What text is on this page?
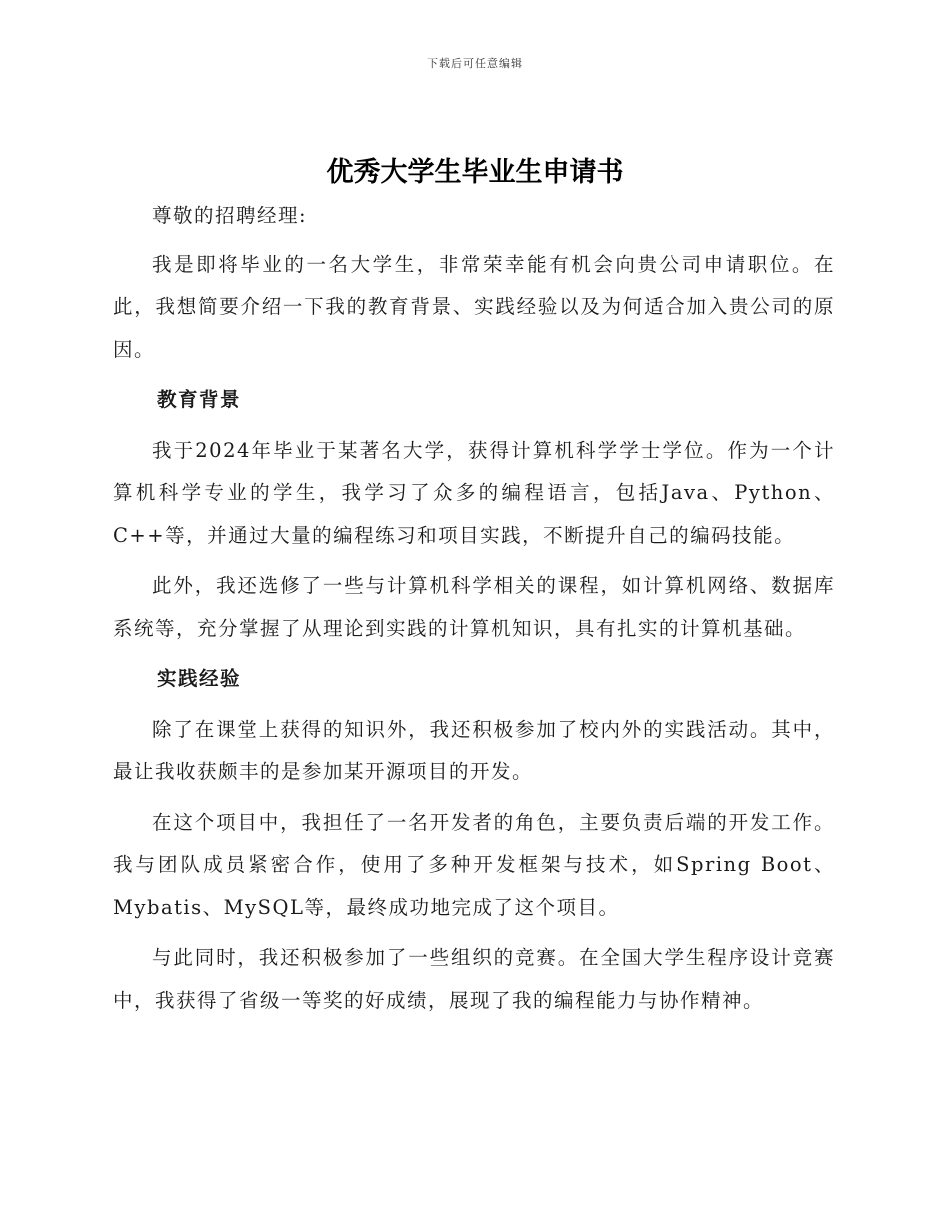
下载后可任意编辑
优秀大学生毕业生申请书

尊敬的招聘经理:

我是即将毕业的一名大学生，非常荣幸能有机会向贵公司申请职位。在此，我想简要介绍一下我的教育背景、实践经验以及为何适合加入贵公司的原因。

教育背景

我于2024年毕业于某著名大学，获得计算机科学学士学位。作为一个计算机科学专业的学生，我学习了众多的编程语言，包括Java、Python、C++等，并通过大量的编程练习和项目实践，不断提升自己的编码技能。

此外，我还选修了一些与计算机科学相关的课程，如计算机网络、数据库系统等，充分掌握了从理论到实践的计算机知识，具有扎实的计算机基础。

实践经验

除了在课堂上获得的知识外，我还积极参加了校内外的实践活动。其中，最让我收获颇丰的是参加某开源项目的开发。

在这个项目中，我担任了一名开发者的角色，主要负责后端的开发工作。我与团队成员紧密合作，使用了多种开发框架与技术，如Spring Boot、Mybatis、MySQL等，最终成功地完成了这个项目。

与此同时，我还积极参加了一些组织的竞赛。在全国大学生程序设计竞赛中，我获得了省级一等奖的好成绩，展现了我的编程能力与协作精神。
